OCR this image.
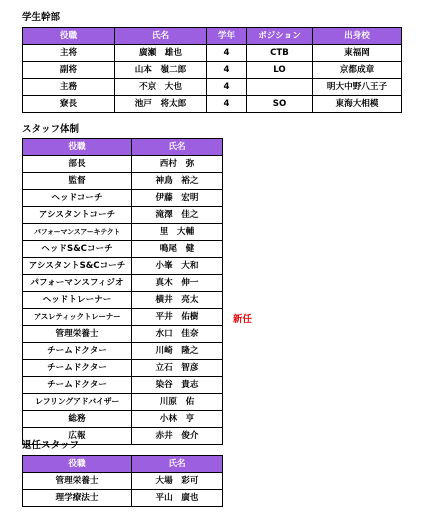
学生幹部
役職	氏名	学年	ポジション	出身校
主将	廣瀬　雄也	4	CTB	東福岡
副将	山本　嶺二郎	4	LO	京都成章
主務	不京　大也	4		明大中野八王子
寮長	池戸　将太郎	4	SO	東海大相模
スタッフ体制
役職	氏名
部長	西村　弥
監督	神鳥　裕之
ヘッドコーチ	伊藤　宏明
アシスタントコーチ	滝澤　佳之
パフォーマンスアーキテクト	里　大輔
ヘッドS&Cコーチ	鳴尾　健
アシスタントS&Cコーチ	小峯　大和
パフォーマンスフィジオ	真木　伸一
ヘッドトレーナー	横井　亮太
アスレティックトレーナー	平井　佑樹
管理栄養士	水口　佳奈
チームドクター	川崎　隆之
チームドクター	立石　智彦
チームドクター	染谷　貴志
レフリングアドバイザー	川原　佑
総務	小林　亨
広報	赤井　俊介
新任
退任スタッフ
役職	氏名
管理栄養士	大場　彩可
理学療法士	平山　廣也
